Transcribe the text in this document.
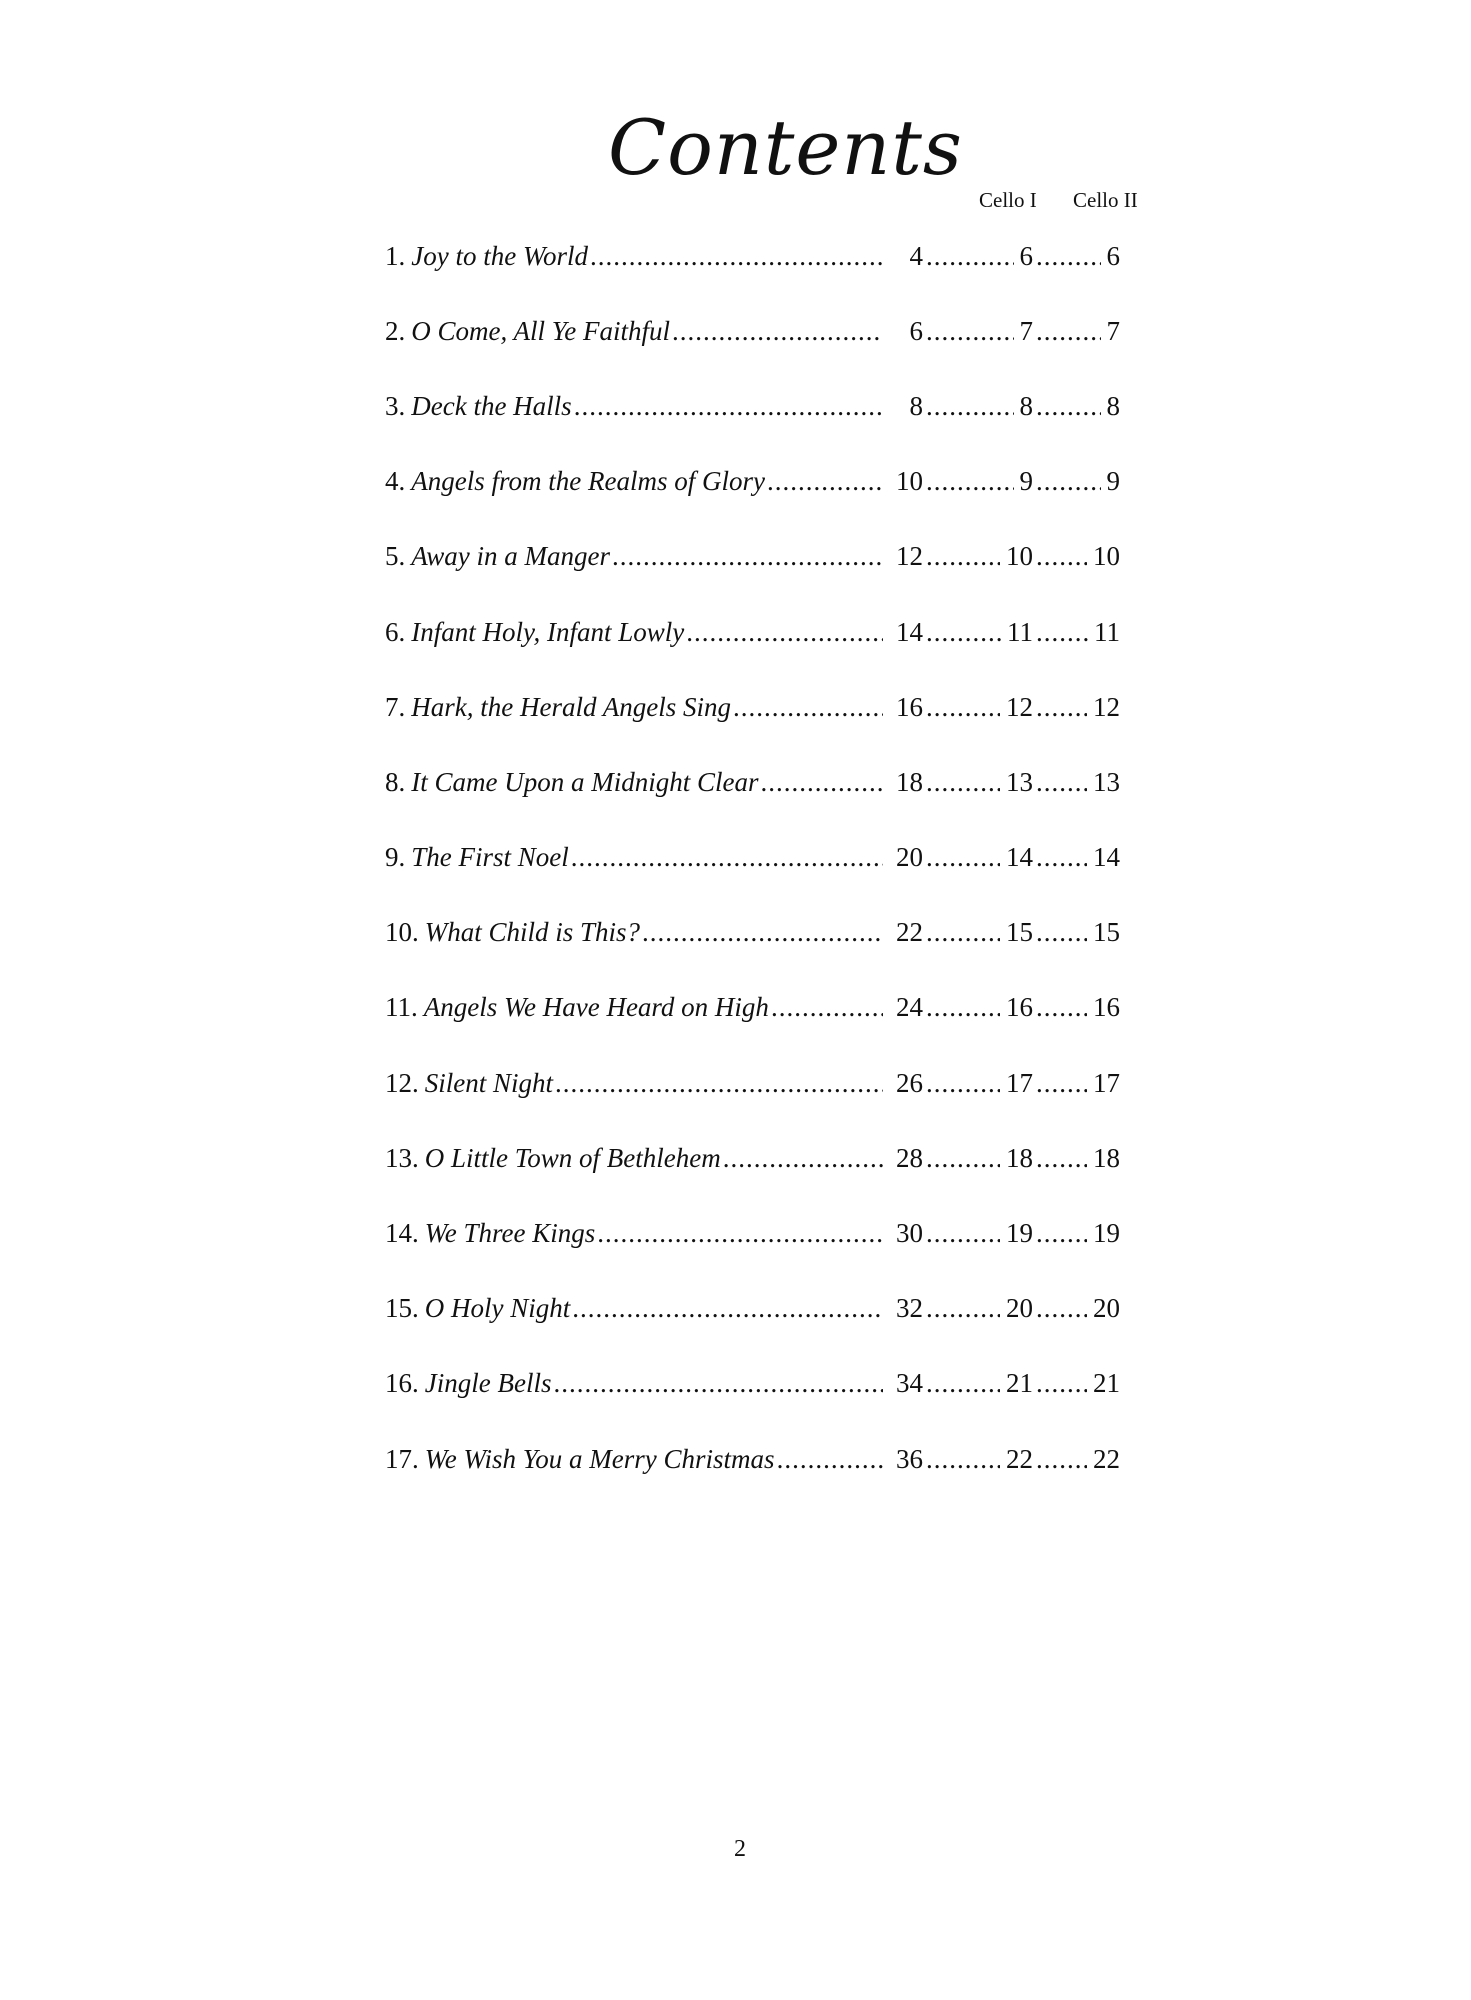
Contents
Cello I Cello II
1. Joy to the World .....	4 .....	6 .....	6
2. O Come, All Ye Faithful .....	6 .....	7 .....	7
3. Deck the Halls .....	8 .....	8 .....	8
4. Angels from the Realms of Glory .....	10 .....	9 .....	9
5. Away in a Manger .....	12 .....	10 ..... 10
6. Infant Holy, Infant Lowly .....	14 .....	11 ..... 11
7. Hark, the Herald Angels Sing .....	16 .....	12 ..... 12
8. It Came Upon a Midnight Clear .....	18 .....	13 ..... 13
9. The First Noel .....	20 .....	14 ..... 14
10. What Child is This? .....	22 .....	15 ..... 15
11. Angels We Have Heard on High .....	24 .....	16 ..... 16
12. Silent Night .....	26 .....	17 ..... 17
13. O Little Town of Bethlehem .....	28 .....	18 ..... 18
14. We Three Kings .....	30 .....	19 ..... 19
15. O Holy Night .....	32 .....	20 ..... 20
16. Jingle Bells .....	34 .....	21 ..... 21
17. We Wish You a Merry Christmas .....	36 .....	22 ..... 22
2
